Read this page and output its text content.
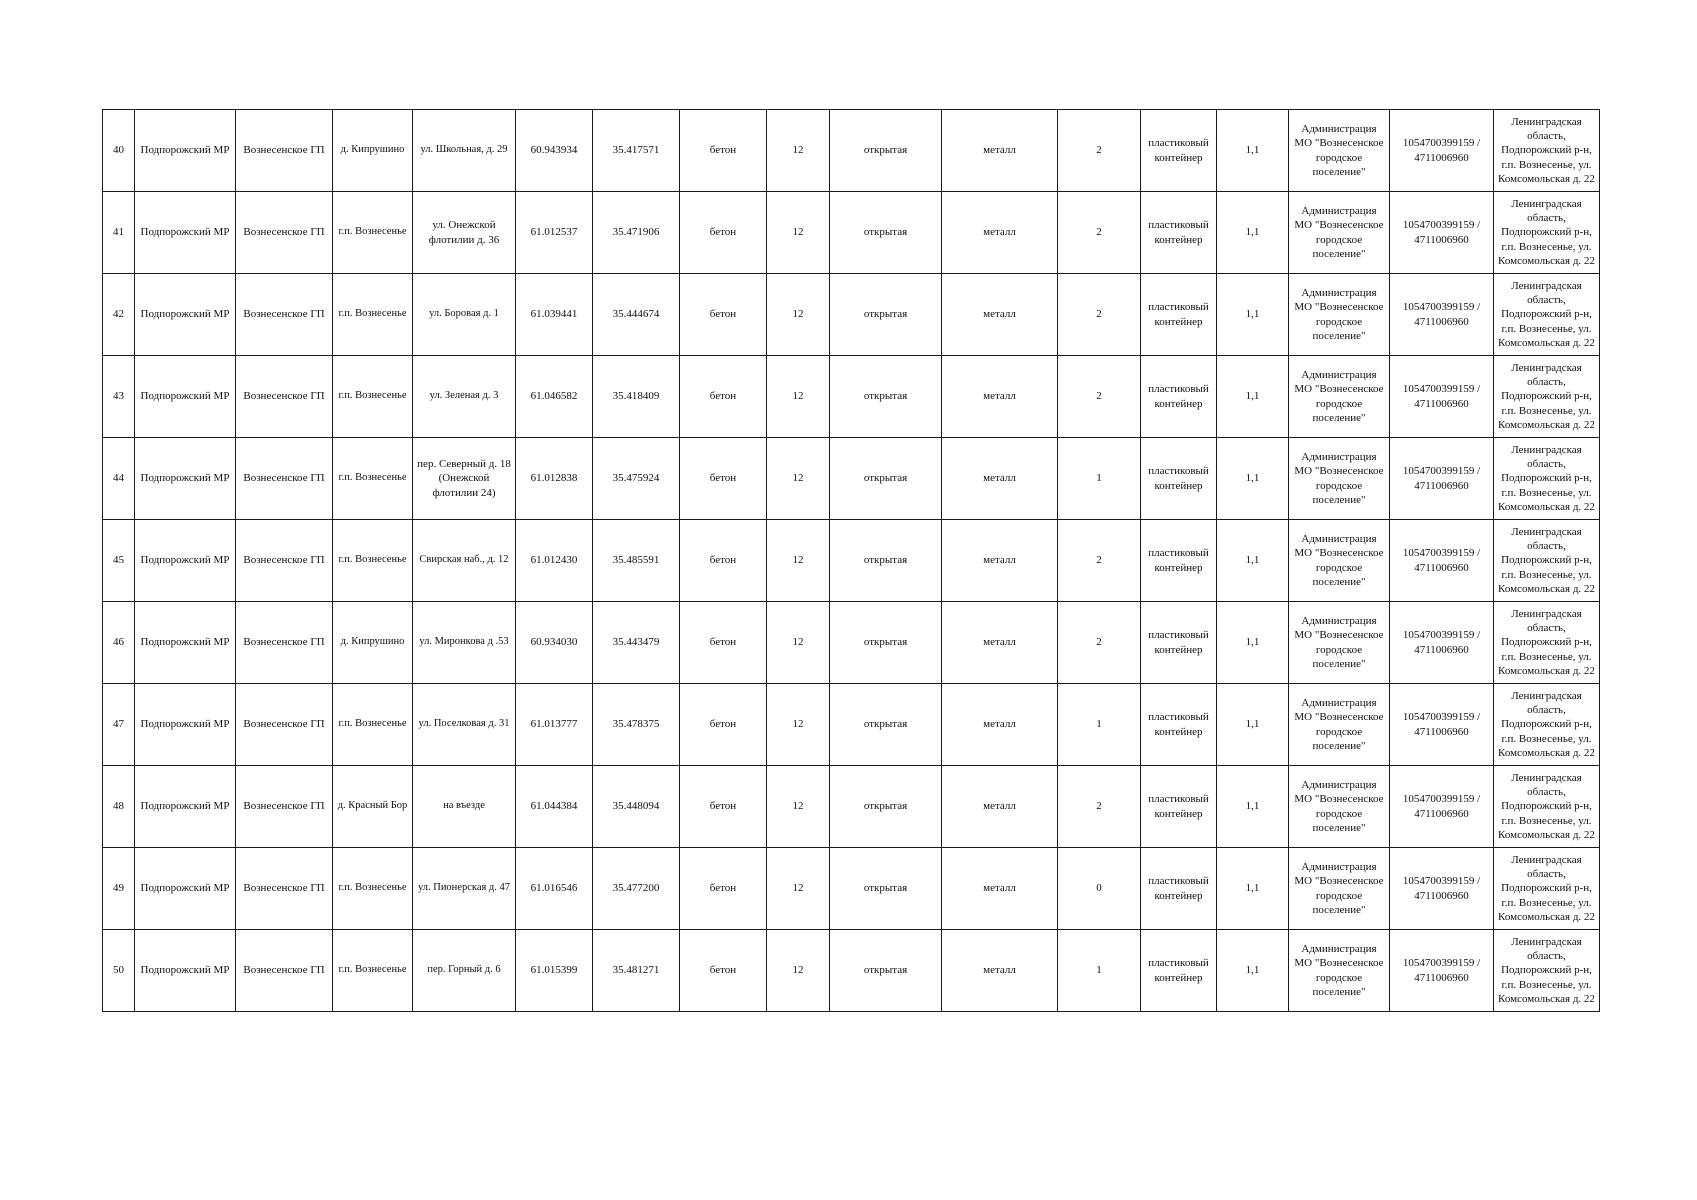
40	Подпорожский МР	Вознесенское ГП	д. Кипрушино	ул. Школьная, д. 29	60.943934	35.417571	бетон	12	открытая	металл	2	пластиковый контейнер	1,1	Администрация МО "Вознесенское городское поселение"	1054700399159 / 4711006960	Ленинградская область, Подпорожский р-н, г.п. Вознесенье, ул. Комсомольская д. 22
41	Подпорожский МР	Вознесенское ГП	г.п. Вознесенье	ул. Онежской флотилии д. 36	61.012537	35.471906	бетон	12	открытая	металл	2	пластиковый контейнер	1,1	Администрация МО "Вознесенское городское поселение"	1054700399159 / 4711006960	Ленинградская область, Подпорожский р-н, г.п. Вознесенье, ул. Комсомольская д. 22
42	Подпорожский МР	Вознесенское ГП	г.п. Вознесенье	ул. Боровая д. 1	61.039441	35.444674	бетон	12	открытая	металл	2	пластиковый контейнер	1,1	Администрация МО "Вознесенское городское поселение"	1054700399159 / 4711006960	Ленинградская область, Подпорожский р-н, г.п. Вознесенье, ул. Комсомольская д. 22
43	Подпорожский МР	Вознесенское ГП	г.п. Вознесенье	ул. Зеленая д. 3	61.046582	35.418409	бетон	12	открытая	металл	2	пластиковый контейнер	1,1	Администрация МО "Вознесенское городское поселение"	1054700399159 / 4711006960	Ленинградская область, Подпорожский р-н, г.п. Вознесенье, ул. Комсомольская д. 22
44	Подпорожский МР	Вознесенское ГП	г.п. Вознесенье	пер. Северный д. 18 (Онежской флотилии 24)	61.012838	35.475924	бетон	12	открытая	металл	1	пластиковый контейнер	1,1	Администрация МО "Вознесенское городское поселение"	1054700399159 / 4711006960	Ленинградская область, Подпорожский р-н, г.п. Вознесенье, ул. Комсомольская д. 22
45	Подпорожский МР	Вознесенское ГП	г.п. Вознесенье	Свирская наб., д. 12	61.012430	35.485591	бетон	12	открытая	металл	2	пластиковый контейнер	1,1	Администрация МО "Вознесенское городское поселение"	1054700399159 / 4711006960	Ленинградская область, Подпорожский р-н, г.п. Вознесенье, ул. Комсомольская д. 22
46	Подпорожский МР	Вознесенское ГП	д. Кипрушино	ул. Миронкова д .53	60.934030	35.443479	бетон	12	открытая	металл	2	пластиковый контейнер	1,1	Администрация МО "Вознесенское городское поселение"	1054700399159 / 4711006960	Ленинградская область, Подпорожский р-н, г.п. Вознесенье, ул. Комсомольская д. 22
47	Подпорожский МР	Вознесенское ГП	г.п. Вознесенье	ул. Поселковая д. 31	61.013777	35.478375	бетон	12	открытая	металл	1	пластиковый контейнер	1,1	Администрация МО "Вознесенское городское поселение"	1054700399159 / 4711006960	Ленинградская область, Подпорожский р-н, г.п. Вознесенье, ул. Комсомольская д. 22
48	Подпорожский МР	Вознесенское ГП	д. Красный Бор	на въезде	61.044384	35.448094	бетон	12	открытая	металл	2	пластиковый контейнер	1,1	Администрация МО "Вознесенское городское поселение"	1054700399159 / 4711006960	Ленинградская область, Подпорожский р-н, г.п. Вознесенье, ул. Комсомольская д. 22
49	Подпорожский МР	Вознесенское ГП	г.п. Вознесенье	ул. Пионерская д. 47	61.016546	35.477200	бетон	12	открытая	металл	0	пластиковый контейнер	1,1	Администрация МО "Вознесенское городское поселение"	1054700399159 / 4711006960	Ленинградская область, Подпорожский р-н, г.п. Вознесенье, ул. Комсомольская д. 22
50	Подпорожский МР	Вознесенское ГП	г.п. Вознесенье	пер. Горный д. 6	61.015399	35.481271	бетон	12	открытая	металл	1	пластиковый контейнер	1,1	Администрация МО "Вознесенское городское поселение"	1054700399159 / 4711006960	Ленинградская область, Подпорожский р-н, г.п. Вознесенье, ул. Комсомольская д. 22
